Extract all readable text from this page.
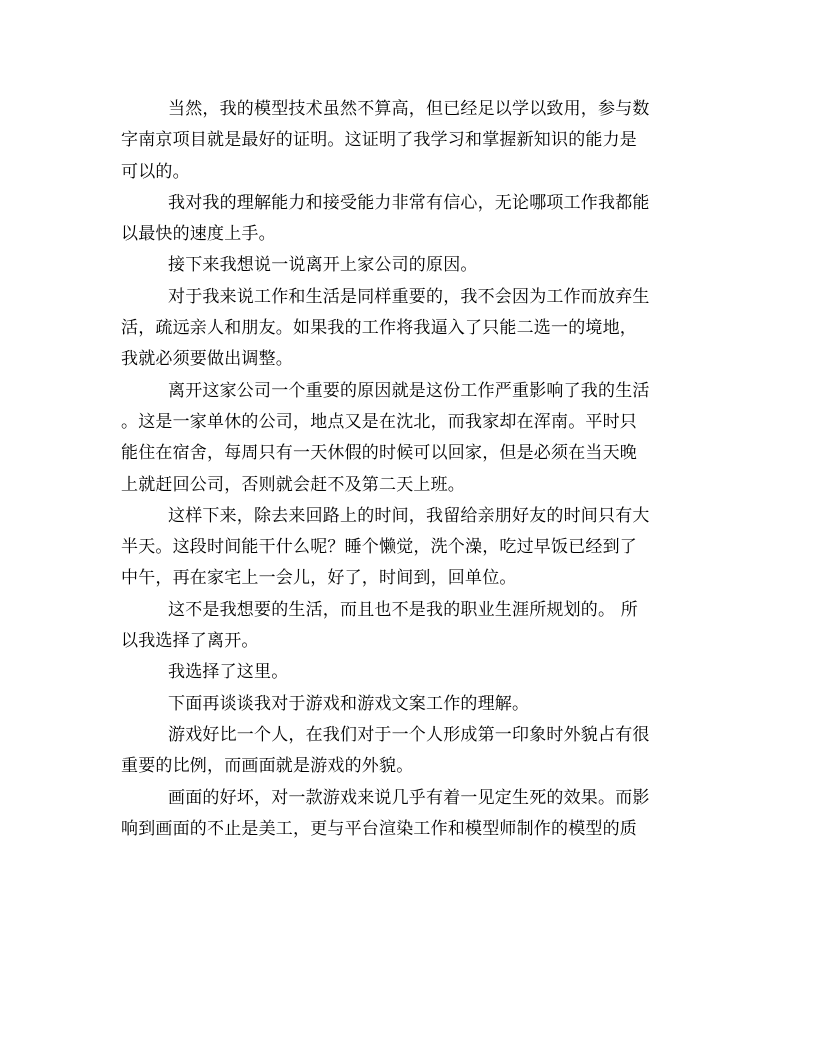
当然，我的模型技术虽然不算高，但已经足以学以致用，参与数
字南京项目就是最好的证明。这证明了我学习和掌握新知识的能力是
可以的。
我对我的理解能力和接受能力非常有信心，无论哪项工作我都能
以最快的速度上手。
接下来我想说一说离开上家公司的原因。
对于我来说工作和生活是同样重要的，我不会因为工作而放弃生
活，疏远亲人和朋友。如果我的工作将我逼入了只能二选一的境地，
我就必须要做出调整。
离开这家公司一个重要的原因就是这份工作严重影响了我的生活
。这是一家单休的公司，地点又是在沈北，而我家却在浑南。平时只
能住在宿舍，每周只有一天休假的时候可以回家，但是必须在当天晚
上就赶回公司，否则就会赶不及第二天上班。
这样下来，除去来回路上的时间，我留给亲朋好友的时间只有大
半天。这段时间能干什么呢？睡个懒觉，洗个澡，吃过早饭已经到了
中午，再在家宅上一会儿，好了，时间到，回单位。
这不是我想要的生活，而且也不是我的职业生涯所规划的。 所
以我选择了离开。
我选择了这里。
下面再谈谈我对于游戏和游戏文案工作的理解。
游戏好比一个人，在我们对于一个人形成第一印象时外貌占有很
重要的比例，而画面就是游戏的外貌。
画面的好坏，对一款游戏来说几乎有着一见定生死的效果。而影
响到画面的不止是美工，更与平台渲染工作和模型师制作的模型的质
